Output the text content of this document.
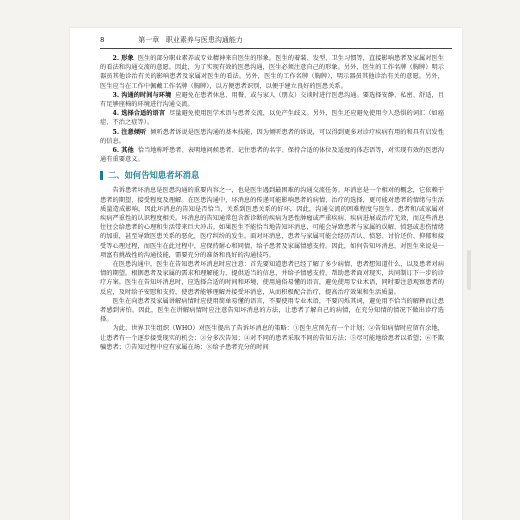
8	第一章 职业素养与医患沟通能力

2. 形象 医生的部分职业素养或专业精神来自医生的形象。医生的着装、发型、卫生习惯等，直接影响患者及家属对医生的看法和沟通交流的意愿。因此，为了实现有效的医患沟通，医生必须注意自己的形象。另外，医生的工作名牌（胸牌）明示器员其他诊治有关的影响患者及家属对医生的看法。另外，医生的工作名牌（胸牌），明示器员其他诊治有关的意愿。另外，医生应当在工作中佩戴工作名牌（胸牌），以方便患者识别，以便于建立良好的医患关系。

3. 沟通的时间与环境 应避免在患者休息、用餐、或与家人（朋友）交谈时进行医患沟通。要选择安静、私密、舒适，且有足够座椅的环境进行沟通交流。

4. 选择合适的语言 尽量避免使用医学术语与患者交流，以免产生歧义。另外，医生还应避免使用令人恐惧的词汇（如癌症、不治之症等）。

5. 注意倾听 倾听患者诉说是医患沟通的基本技能，因为倾听患者的诉说，可以得到更多对诊疗疾病有用的和具有启发性的信息。

6. 其他 恰当地称呼患者、表明地问候患者、记住患者的名字、保持合适的体位及适度的体态语等，对实现有效的医患沟通有重要意义。

二、如何告知患者坏消息

告诉患者坏消息是医患沟通的重要内容之一，也是医生遇到最困难的沟通交流任务。坏消息是一个相对的概念，它依赖于患者的期望、接受程度及理解。在医患沟通中，坏消息的传递可能影响患者的病情、治疗的选择，更可能对患者的情绪与生活质量造成影响，因此坏消息的告知是否恰当，关系到医患关系的好坏，因此，沟通交流的困难程度与医生、患者和/或家属对疾病严重性的认识程度相关。坏消息的告知通常包含新诊断的疾病为恶性肿瘤或严重疾病、疾病进展或治疗无效，而这些消息往往会给患者的心理和生活带来巨大冲击。如果医生不能恰当地告知坏消息，可能会导致患者与家属的误解、愤怒或悲伤情绪的加重，甚至导致医患关系的恶化，医疗纠纷的发生。面对坏消息，患者与家属可能会经历否认、愤怒、讨价还价、抑郁和接受等心理过程，而医生在此过程中，应保持耐心和同情，给予患者及家属情感支持。因此，如何告知坏消息，对医生来说是一项富有挑战性的沟通技能，需要充分的准备和良好的沟通技巧。

在医患沟通中，医生在告知患者坏消息时应注意：首先要知道患者已经了解了多少病情，患者想知道什么，以及患者对病情的期望。根据患者及家属的需求和理解能力，提供适当的信息，并给予情感支持，帮助患者面对现实，共同制订下一步的诊疗方案。医生在告知坏消息时，应选择合适的时间和环境，使用通俗易懂的语言，避免使用专业术语，同时要注意观察患者的反应，及时给予安慰和支持，使患者能够理解并接受坏消息，从而积极配合治疗，提高治疗效果和生活质量。

医生在向患者及家属讲解病情时应使用简单易懂的语言，不要使用专业术语，不要闪烁其词，避免用不恰当的解释而让患者感到害怕。因此，医生在讲解病情时应注意告知坏消息的方法，让患者了解自己的病情，在充分知情的情况下做出诊疗选择。

为此，世界卫生组织（WHO）对医生提出了告诉坏消息的策略：①医生应预先有一个计划；②告知病情时应留有余地，让患者有一个逐步接受现实的机会；③分多次告知；④对不同的患者采取不同的告知方法；⑤尽可能地给患者以希望；⑥不欺骗患者；⑦告知过程中应有家属在场；⑧给予患者充分的时间
